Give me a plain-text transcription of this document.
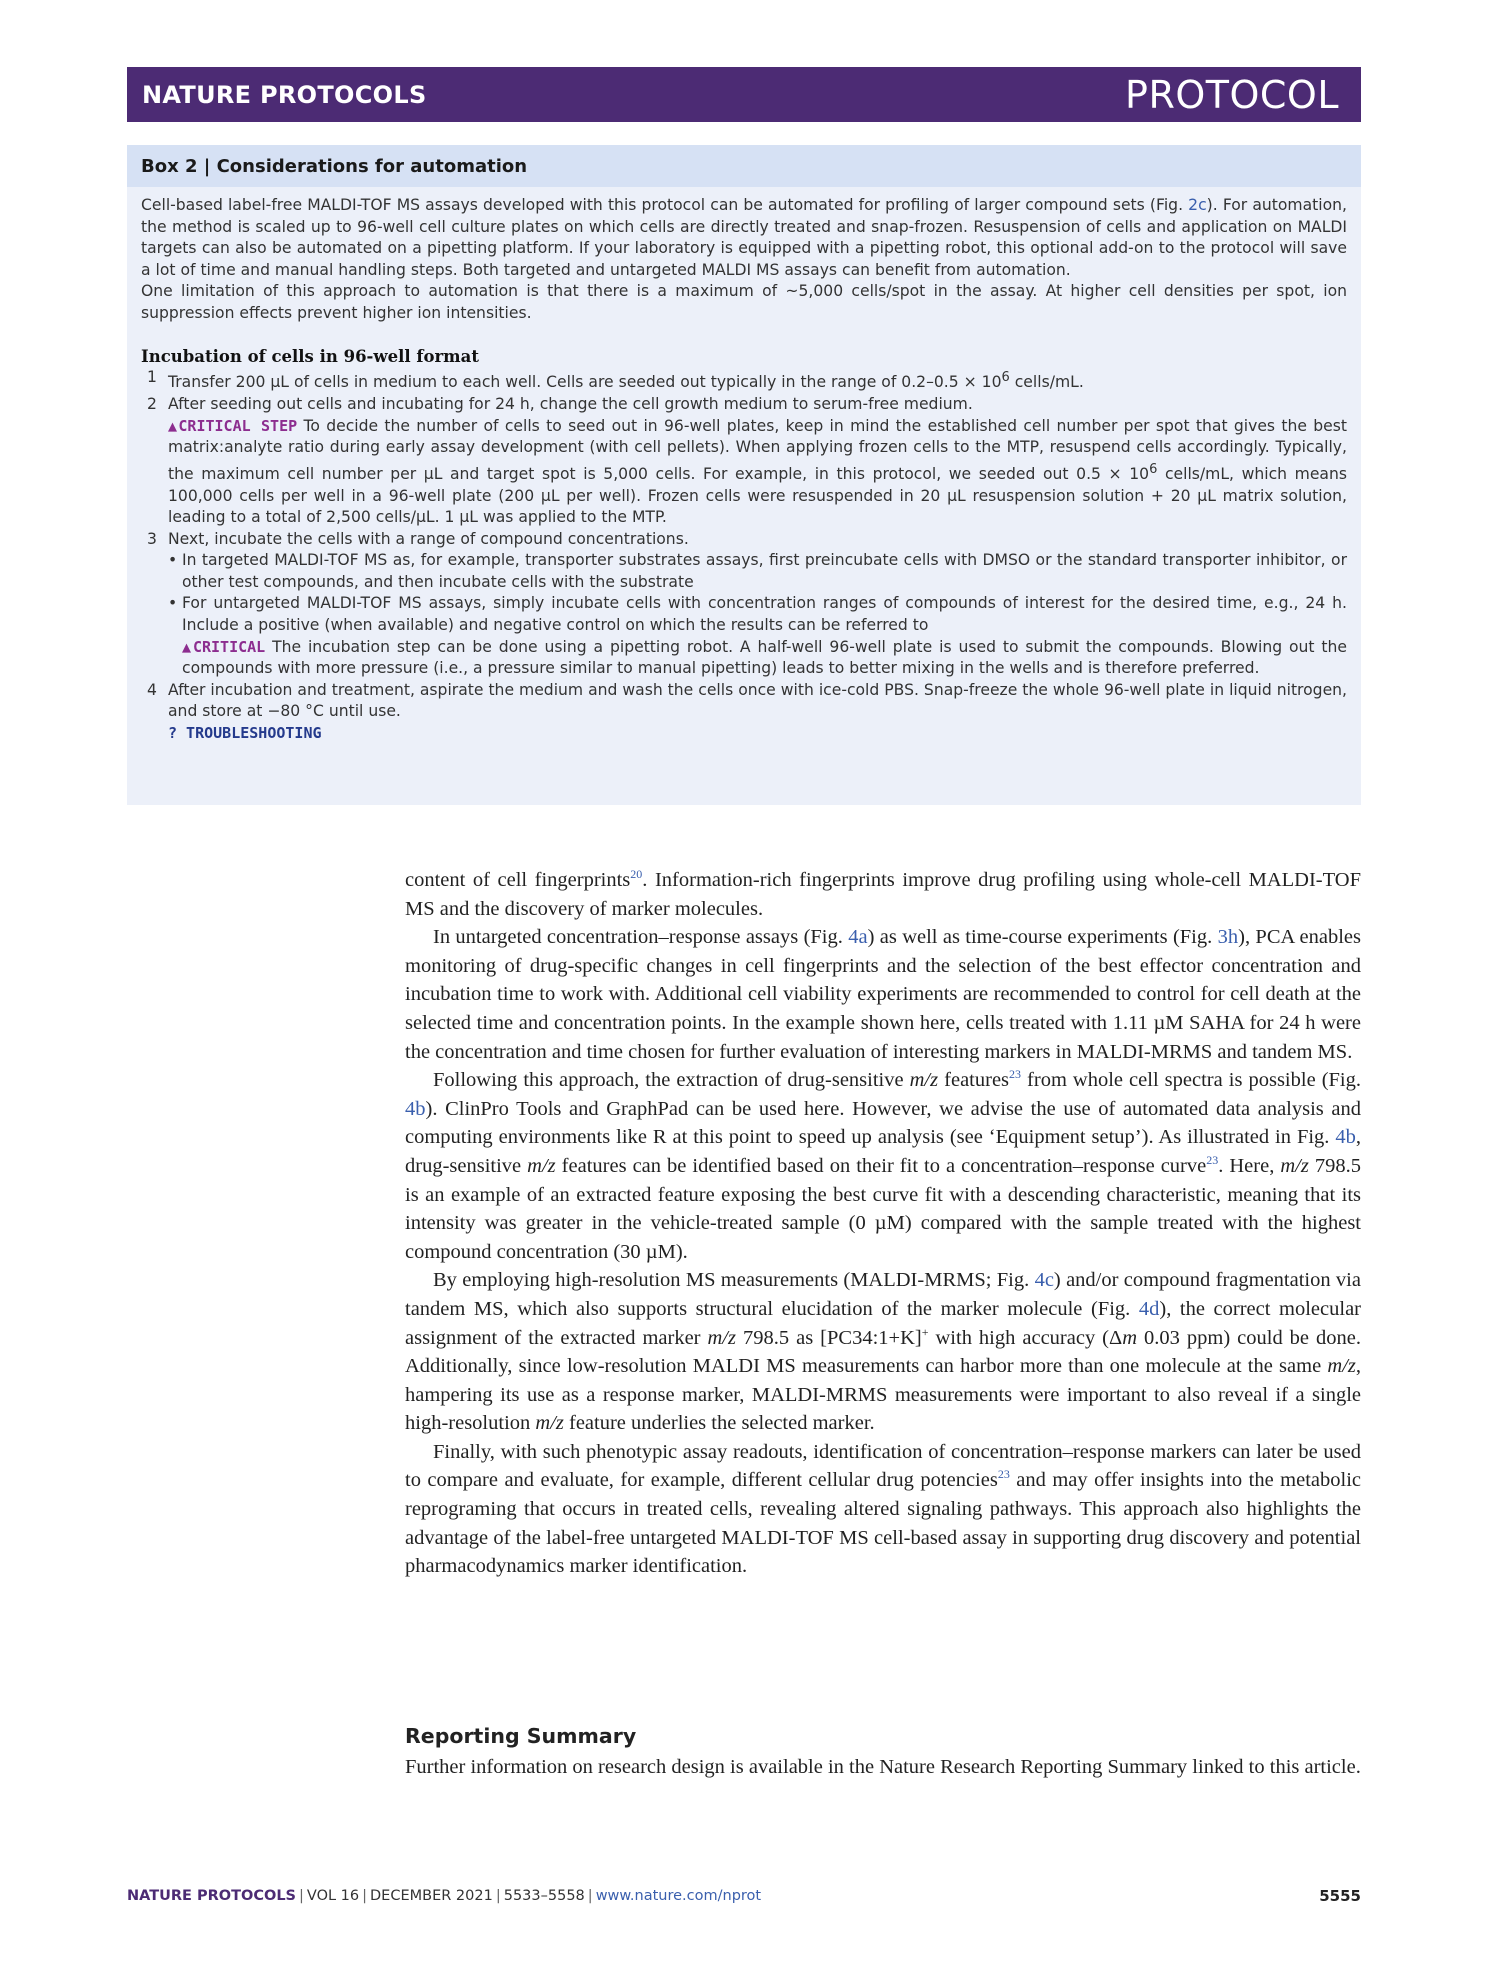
NATURE PROTOCOLS	PROTOCOL
Box 2 | Considerations for automation

Cell-based label-free MALDI-TOF MS assays developed with this protocol can be automated for profiling of larger compound sets (Fig. 2c). For automation, the method is scaled up to 96-well cell culture plates on which cells are directly treated and snap-frozen. Resuspension of cells and application on MALDI targets can also be automated on a pipetting platform. If your laboratory is equipped with a pipetting robot, this optional add-on to the protocol will save a lot of time and manual handling steps. Both targeted and untargeted MALDI MS assays can benefit from automation.

One limitation of this approach to automation is that there is a maximum of ~5,000 cells/spot in the assay. At higher cell densities per spot, ion suppression effects prevent higher ion intensities.

Incubation of cells in 96-well format

1 Transfer 200 µL of cells in medium to each well. Cells are seeded out typically in the range of $0.2-0.5 \times 10^6$ cells/mL.
2 After seeding out cells and incubating for 24 h, change the cell growth medium to serum-free medium.
▲CRITICAL STEP To decide the number of cells to seed out in 96-well plates, keep in mind the established cell number per spot that gives the best matrix:analyte ratio during early assay development (with cell pellets). When applying frozen cells to the MTP, resuspend cells accordingly. Typically, the maximum cell number per µL and target spot is 5,000 cells. For example, in this protocol, we seeded out $0.5 \times 10^6$ cells/mL, which means 100,000 cells per well in a 96-well plate (200 µL per well). Frozen cells were resuspended in 20 µL resuspension solution + 20 µL matrix solution, leading to a total of 2,500 cells/µL. 1 µL was applied to the MTP.
3 Next, incubate the cells with a range of compound concentrations.
• In targeted MALDI-TOF MS as, for example, transporter substrates assays, first preincubate cells with DMSO or the standard transporter inhibitor, or other test compounds, and then incubate cells with the substrate
• For untargeted MALDI-TOF MS assays, simply incubate cells with concentration ranges of compounds of interest for the desired time, e.g., 24 h. Include a positive (when available) and negative control on which the results can be referred to
▲CRITICAL The incubation step can be done using a pipetting robot. A half-well 96-well plate is used to submit the compounds. Blowing out the compounds with more pressure (i.e., a pressure similar to manual pipetting) leads to better mixing in the wells and is therefore preferred.
4 After incubation and treatment, aspirate the medium and wash the cells once with ice-cold PBS. Snap-freeze the whole 96-well plate in liquid nitrogen, and store at −80 °C until use.
? TROUBLESHOOTING

content of cell fingerprints$^{20}$. Information-rich fingerprints improve drug profiling using whole-cell MALDI-TOF MS and the discovery of marker molecules.

In untargeted concentration–response assays (Fig. 4a) as well as time-course experiments (Fig. 3h), PCA enables monitoring of drug-specific changes in cell fingerprints and the selection of the best effector concentration and incubation time to work with. Additional cell viability experiments are recommended to control for cell death at the selected time and concentration points. In the example shown here, cells treated with 1.11 µM SAHA for 24 h were the concentration and time chosen for further evaluation of interesting markers in MALDI-MRMS and tandem MS.

Following this approach, the extraction of drug-sensitive m/z features$^{23}$ from whole cell spectra is possible (Fig. 4b). ClinPro Tools and GraphPad can be used here. However, we advise the use of automated data analysis and computing environments like R at this point to speed up analysis (see ‘Equipment setup’). As illustrated in Fig. 4b, drug-sensitive m/z features can be identified based on their fit to a concentration–response curve$^{23}$. Here, m/z 798.5 is an example of an extracted feature exposing the best curve fit with a descending characteristic, meaning that its intensity was greater in the vehicle-treated sample (0 µM) compared with the sample treated with the highest compound concentration (30 µM).

By employing high-resolution MS measurements (MALDI-MRMS; Fig. 4c) and/or compound fragmentation via tandem MS, which also supports structural elucidation of the marker molecule (Fig. 4d), the correct molecular assignment of the extracted marker m/z 798.5 as [PC34:1+K]+ with high accuracy (Δm 0.03 ppm) could be done. Additionally, since low-resolution MALDI MS measurements can harbor more than one molecule at the same m/z, hampering its use as a response marker, MALDI-MRMS measurements were important to also reveal if a single high-resolution m/z feature underlies the selected marker.

Finally, with such phenotypic assay readouts, identification of concentration–response markers can later be used to compare and evaluate, for example, different cellular drug potencies$^{23}$ and may offer insights into the metabolic reprograming that occurs in treated cells, revealing altered signaling pathways. This approach also highlights the advantage of the label-free untargeted MALDI-TOF MS cell-based assay in supporting drug discovery and potential pharmacodynamics marker identification.

Reporting Summary
Further information on research design is available in the Nature Research Reporting Summary linked to this article.
NATURE PROTOCOLS | VOL 16 | DECEMBER 2021 | 5533–5558 | www.nature.com/nprot	5555
